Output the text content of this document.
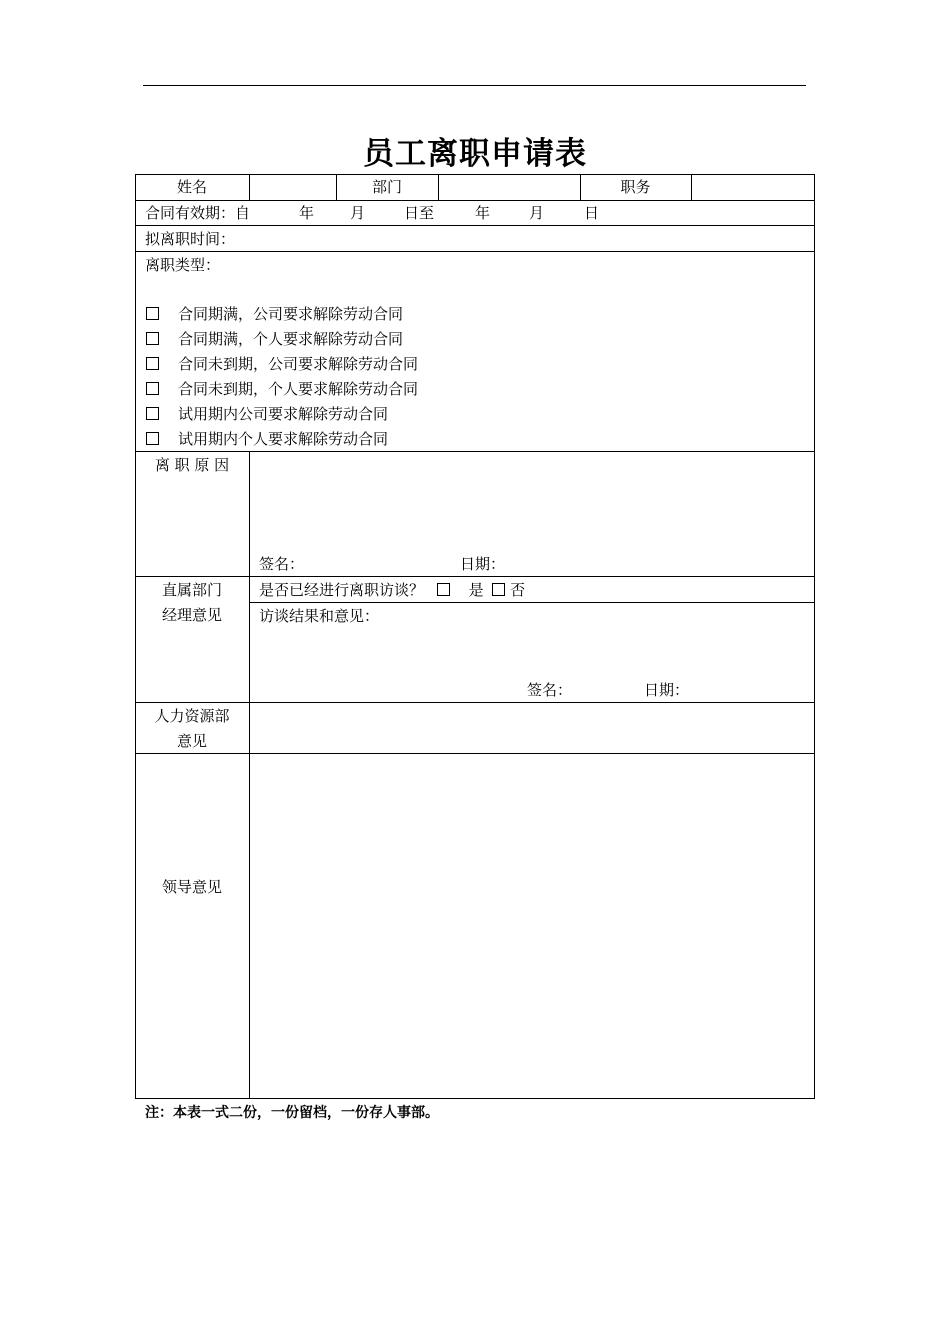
员工离职申请表
姓名	部门	职务
合同有效期：自	年 月	日至	年	月	日
拟离职时间：
离职类型：
合同期满，公司要求解除劳动合同
合同期满，个人要求解除劳动合同
合同未到期，公司要求解除劳动合同
合同未到期，个人要求解除劳动合同
试用期内公司要求解除劳动合同
试用期内个人要求解除劳动合同
离 职 原 因
签名：	日期：
直属部门
经理意见
是否已经进行离职访谈？	是 否
访谈结果和意见：
签名：	日期：
人力资源部
意见
领导意见
注：本表一式二份，一份留档，一份存人事部。
